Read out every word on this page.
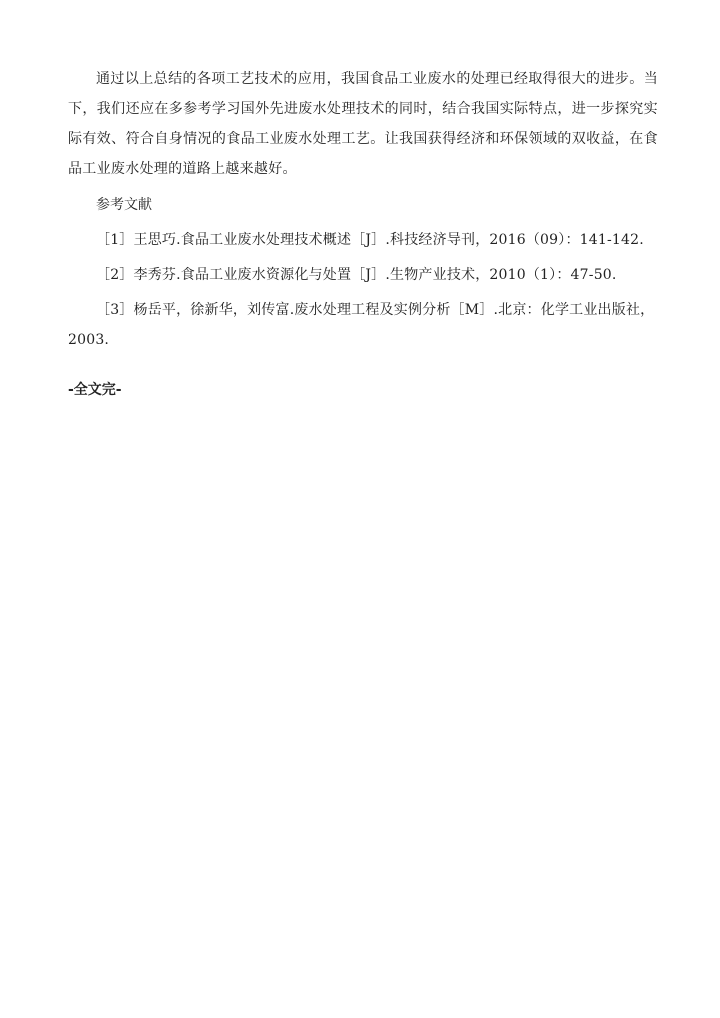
通过以上总结的各项工艺技术的应用，我国食品工业废水的处理已经取得很大的进步。当下，我们还应在多参考学习国外先进废水处理技术的同时，结合我国实际特点，进一步探究实际有效、符合自身情况的食品工业废水处理工艺。让我国获得经济和环保领域的双收益，在食品工业废水处理的道路上越来越好。

参考文献
［1］王思巧.食品工业废水处理技术概述［J］.科技经济导刊，2016（09）：141-142.
［2］李秀芬.食品工业废水资源化与处置［J］.生物产业技术，2010（1）：47-50.
［3］杨岳平，徐新华，刘传富.废水处理工程及实例分析［M］.北京：化学工业出版社，2003.
-全文完-
